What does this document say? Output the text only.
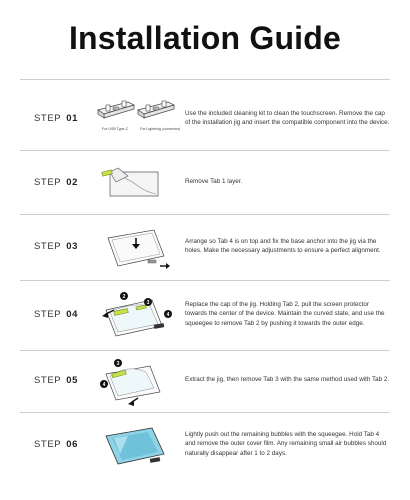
Installation Guide
STEP 01
For USB Type-C	For Lightning (connector)
Use the included cleaning kit to clean the touchscreen. Remove the cap of the installation jig and insert the compatible component into the device.
STEP 02	Remove Tab 1 layer.
STEP 03	Arrange so Tab 4 is on top and fix the base anchor into the jig via the holes. Make the necessary adjustments to ensure a perfect alignment.
STEP 04
2
3
4
Replace the cap of the jig. Holding Tab 2, pull the screen protector towards the center of the device. Maintain the curved state, and use the squeegee to remove Tab 2 by pushing it towards the outer edge.
STEP 05
3
4
Extract the jig, then remove Tab 3 with the same method used with Tab 2.
STEP 06
Lightly push out the remaining bubbles with the squeegee. Hold Tab 4 and remove the outer cover film. Any remaining small air bubbles should naturally disappear after 1 to 2 days.
